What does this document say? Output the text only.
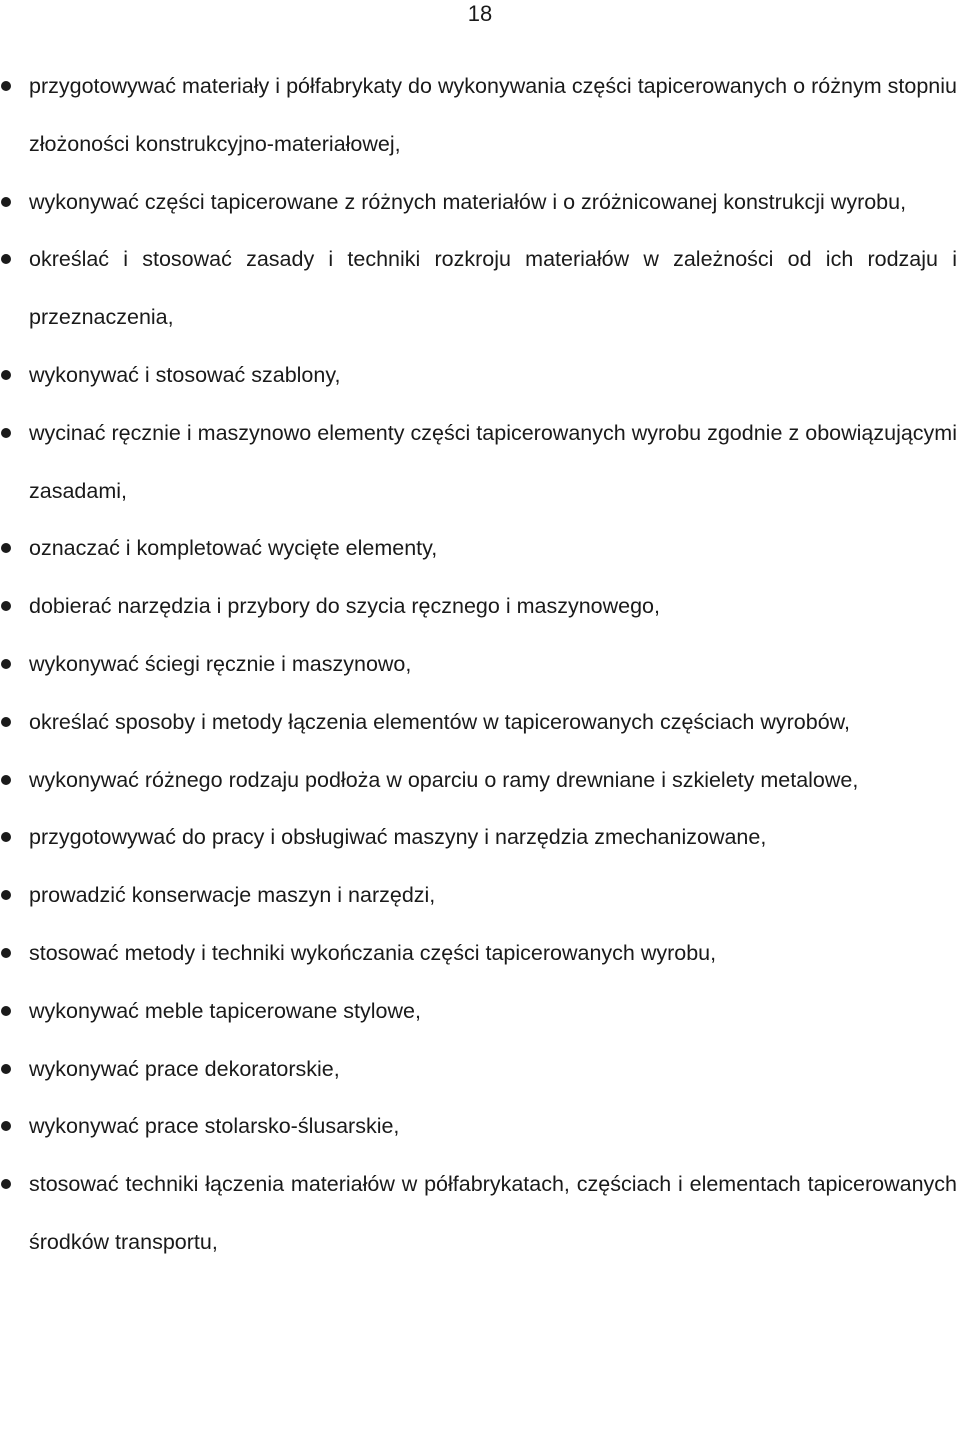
18
przygotowywać materiały i półfabrykaty do wykonywania części tapicerowanych o różnym stopniu złożoności konstrukcyjno-materiałowej,
wykonywać części tapicerowane z różnych materiałów i o zróżnicowanej konstrukcji wyrobu,
określać i stosować zasady i techniki rozkroju materiałów w zależności od ich rodzaju i przeznaczenia,
wykonywać i stosować szablony,
wycinać ręcznie i maszynowo elementy części tapicerowanych wyrobu zgodnie z obowiązującymi zasadami,
oznaczać i kompletować wycięte elementy,
dobierać narzędzia i przybory do szycia ręcznego i maszynowego,
wykonywać ściegi ręcznie i maszynowo,
określać sposoby i metody łączenia elementów w tapicerowanych częściach wyrobów,
wykonywać różnego rodzaju podłoża w oparciu o ramy drewniane i szkielety metalowe,
przygotowywać do pracy i obsługiwać maszyny i narzędzia zmechanizowane,
prowadzić konserwacje maszyn i narzędzi,
stosować metody i techniki wykończania części tapicerowanych wyrobu,
wykonywać meble tapicerowane stylowe,
wykonywać prace dekoratorskie,
wykonywać prace stolarsko-ślusarskie,
stosować techniki łączenia materiałów w półfabrykatach, częściach i elementach tapicerowanych środków transportu,
